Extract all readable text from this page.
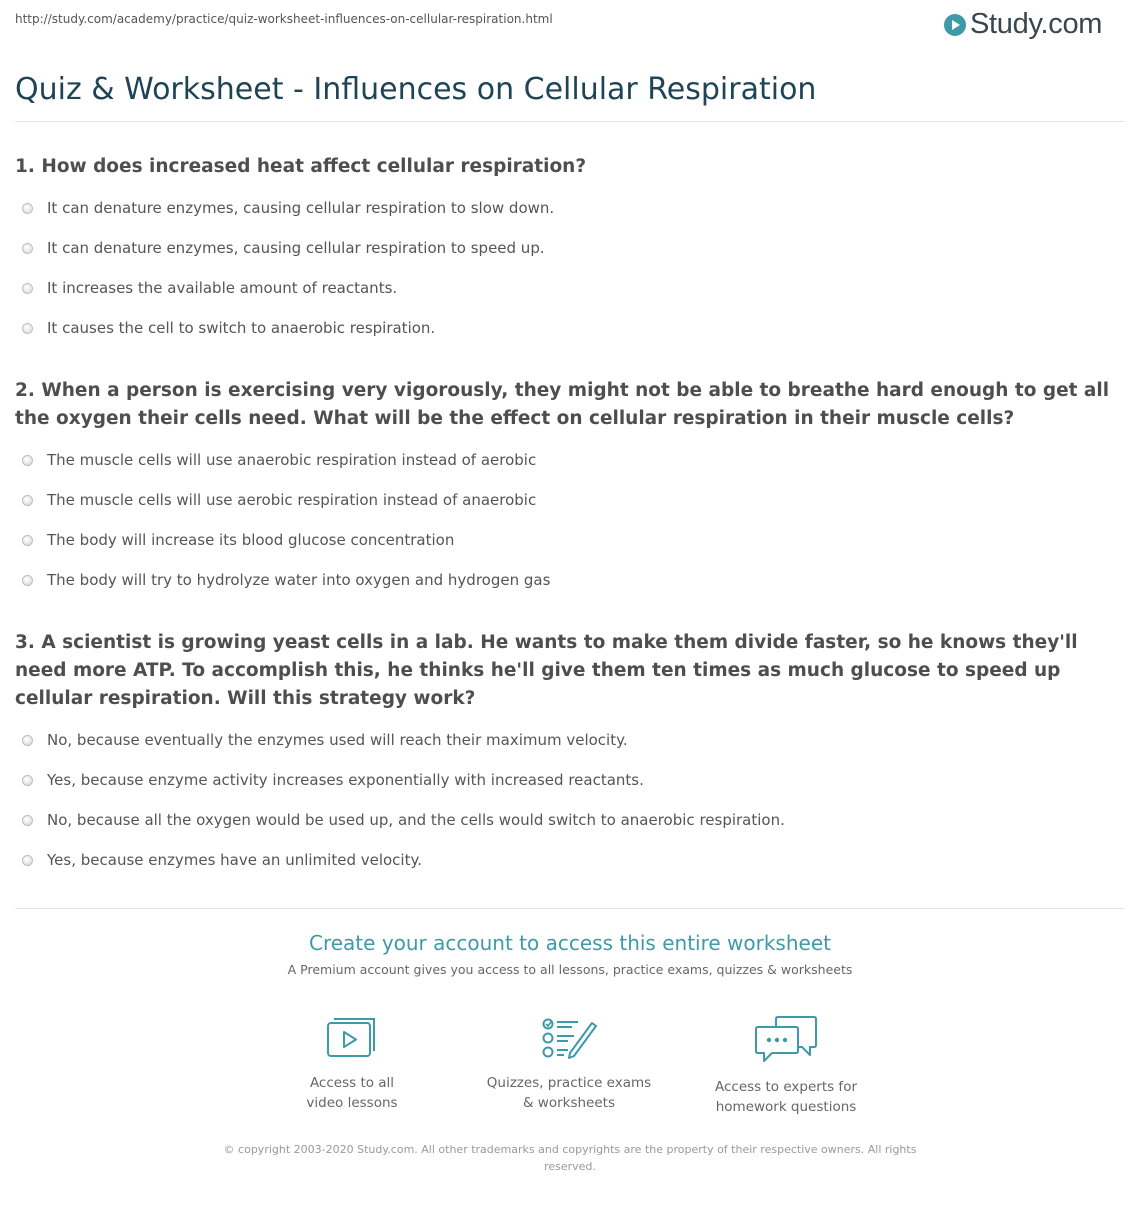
http://study.com/academy/practice/quiz-worksheet-influences-on-cellular-respiration.html	Study.com
Quiz & Worksheet - Influences on Cellular Respiration
1. How does increased heat affect cellular respiration?
It can denature enzymes, causing cellular respiration to slow down.
It can denature enzymes, causing cellular respiration to speed up.
It increases the available amount of reactants.
It causes the cell to switch to anaerobic respiration.
2. When a person is exercising very vigorously, they might not be able to breathe hard enough to get all the oxygen their cells need. What will be the effect on cellular respiration in their muscle cells?
The muscle cells will use anaerobic respiration instead of aerobic
The muscle cells will use aerobic respiration instead of anaerobic
The body will increase its blood glucose concentration
The body will try to hydrolyze water into oxygen and hydrogen gas
3. A scientist is growing yeast cells in a lab. He wants to make them divide faster, so he knows they'll need more ATP. To accomplish this, he thinks he'll give them ten times as much glucose to speed up cellular respiration. Will this strategy work?
No, because eventually the enzymes used will reach their maximum velocity.
Yes, because enzyme activity increases exponentially with increased reactants.
No, because all the oxygen would be used up, and the cells would switch to anaerobic respiration.
Yes, because enzymes have an unlimited velocity.
Create your account to access this entire worksheet
A Premium account gives you access to all lessons, practice exams, quizzes & worksheets
Access to all
video lessons
Quizzes, practice exams
& worksheets
Access to experts for
homework questions
© copyright 2003-2020 Study.com. All other trademarks and copyrights are the property of their respective owners. All rights reserved.
